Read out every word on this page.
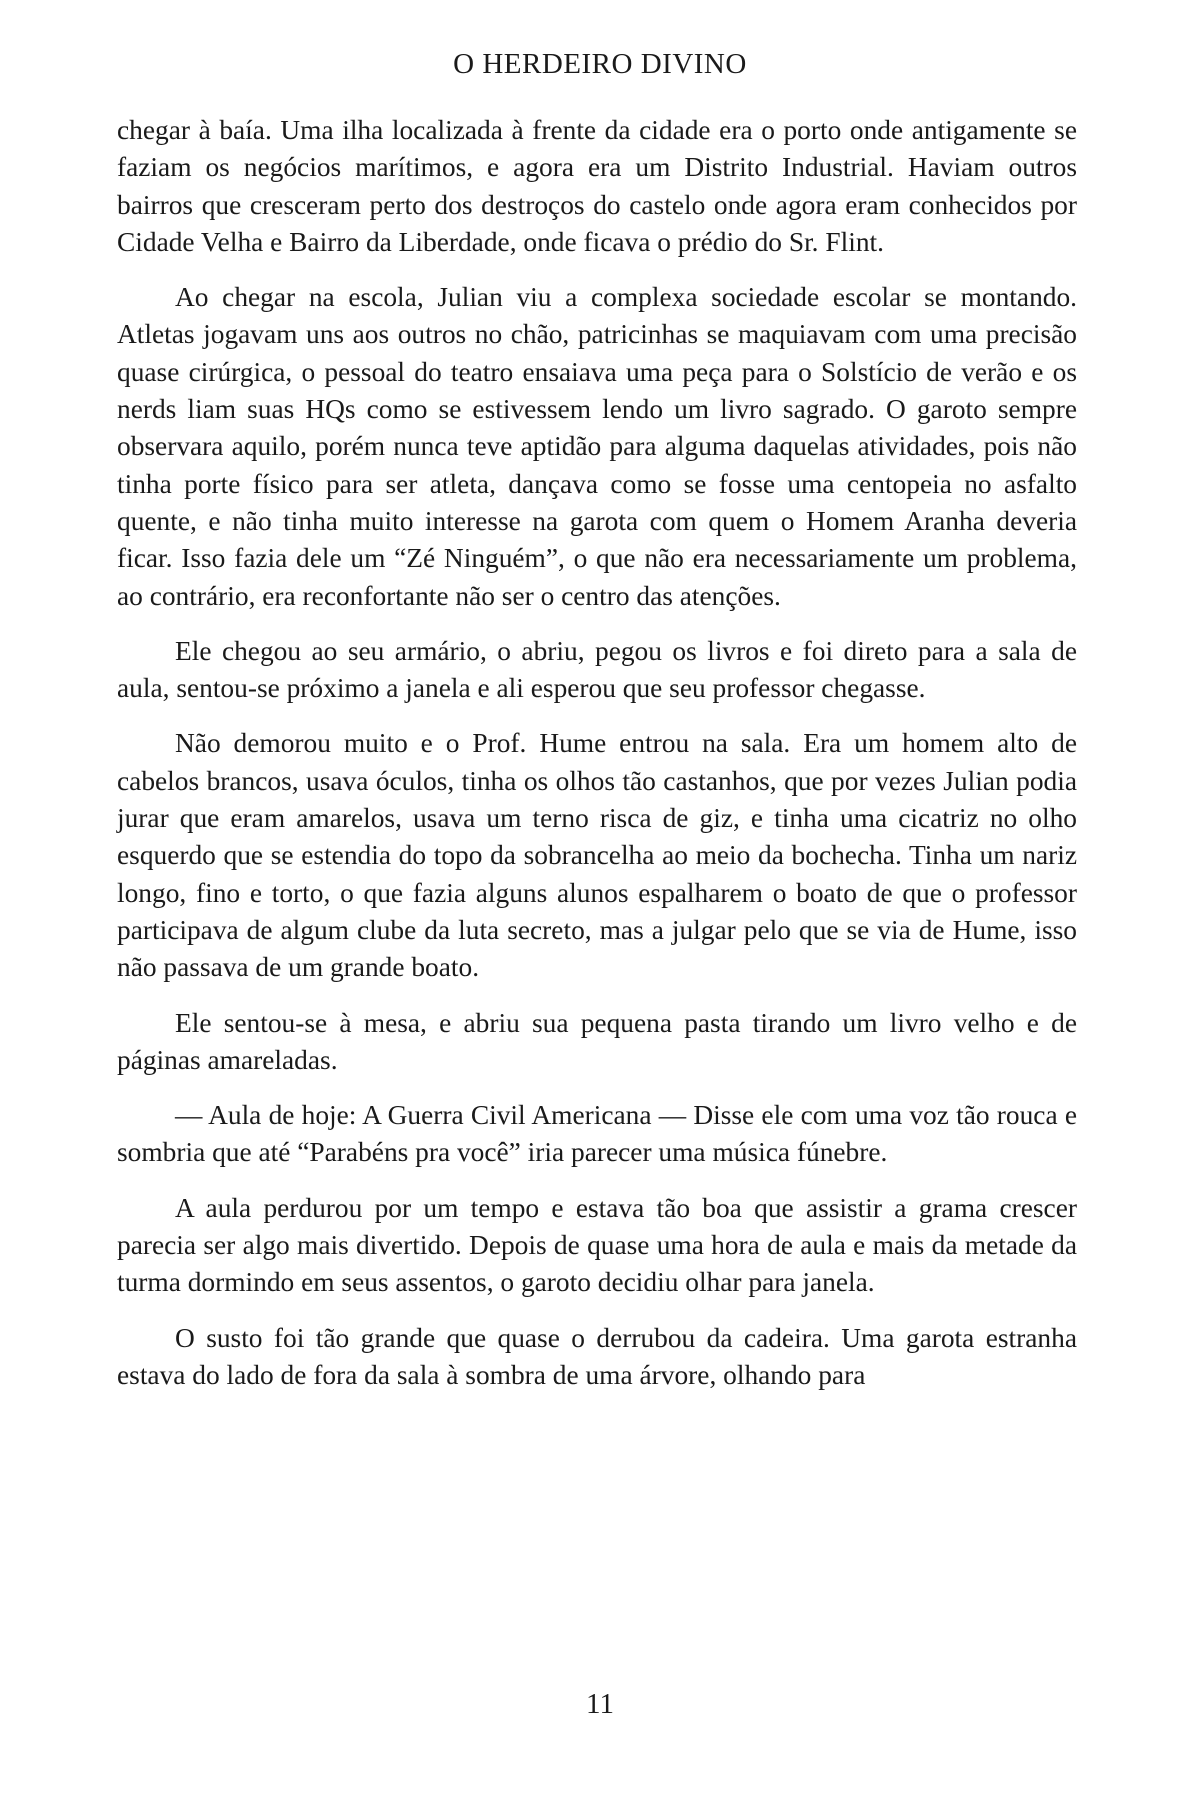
O HERDEIRO DIVINO

chegar à baía. Uma ilha localizada à frente da cidade era o porto onde antigamente se faziam os negócios marítimos, e agora era um Distrito Industrial. Haviam outros bairros que cresceram perto dos destroços do castelo onde agora eram conhecidos por Cidade Velha e Bairro da Liberdade, onde ficava o prédio do Sr. Flint.

Ao chegar na escola, Julian viu a complexa sociedade escolar se montando. Atletas jogavam uns aos outros no chão, patricinhas se maquiavam com uma precisão quase cirúrgica, o pessoal do teatro ensaiava uma peça para o Solstício de verão e os nerds liam suas HQs como se estivessem lendo um livro sagrado. O garoto sempre observara aquilo, porém nunca teve aptidão para alguma daquelas atividades, pois não tinha porte físico para ser atleta, dançava como se fosse uma centopeia no asfalto quente, e não tinha muito interesse na garota com quem o Homem Aranha deveria ficar. Isso fazia dele um “Zé Ninguém”, o que não era necessariamente um problema, ao contrário, era reconfortante não ser o centro das atenções.

Ele chegou ao seu armário, o abriu, pegou os livros e foi direto para a sala de aula, sentou-se próximo a janela e ali esperou que seu professor chegasse.

Não demorou muito e o Prof. Hume entrou na sala. Era um homem alto de cabelos brancos, usava óculos, tinha os olhos tão castanhos, que por vezes Julian podia jurar que eram amarelos, usava um terno risca de giz, e tinha uma cicatriz no olho esquerdo que se estendia do topo da sobrancelha ao meio da bochecha. Tinha um nariz longo, fino e torto, o que fazia alguns alunos espalharem o boato de que o professor participava de algum clube da luta secreto, mas a julgar pelo que se via de Hume, isso não passava de um grande boato.

Ele sentou-se à mesa, e abriu sua pequena pasta tirando um livro velho e de páginas amareladas.

— Aula de hoje: A Guerra Civil Americana — Disse ele com uma voz tão rouca e sombria que até “Parabéns pra você” iria parecer uma música fúnebre.

A aula perdurou por um tempo e estava tão boa que assistir a grama crescer parecia ser algo mais divertido. Depois de quase uma hora de aula e mais da metade da turma dormindo em seus assentos, o garoto decidiu olhar para janela.

O susto foi tão grande que quase o derrubou da cadeira. Uma garota estranha estava do lado de fora da sala à sombra de uma árvore, olhando para

11
